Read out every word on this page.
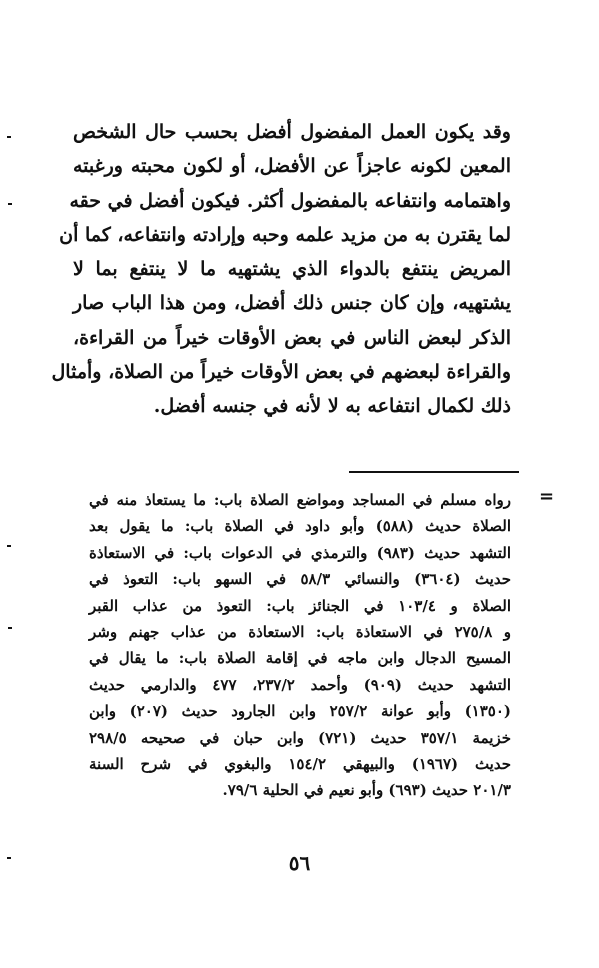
وقد يكون العمل المفضول أفضل بحسب حال الشخص
المعين لكونه عاجزاً عن الأفضل، أو لكون محبته ورغبته
واهتمامه وانتفاعه بالمفضول أكثر. فيكون أفضل في حقه
لما يقترن به من مزيد علمه وحبه وإرادته وانتفاعه، كما أن
المريض ينتفع بالدواء الذي يشتهيه ما لا ينتفع بما لا
يشتهيه، وإن كان جنس ذلك أفضل، ومن هذا الباب صار
الذكر لبعض الناس في بعض الأوقات خيراً من القراءة،
والقراءة لبعضهم في بعض الأوقات خيراً من الصلاة، وأمثال
ذلك لكمال انتفاعه به لا لأنه في جنسه أفضل.
=
رواه مسلم في المساجد ومواضع الصلاة باب: ما يستعاذ منه في
الصلاة حديث (٥٨٨) وأبو داود في الصلاة باب: ما يقول بعد
التشهد حديث (٩٨٣) والترمذي في الدعوات باب: في الاستعاذة
حديث (٣٦٠٤) والنسائي ٥٨/٣ في السهو باب: التعوذ في
الصلاة و ١٠٣/٤ في الجنائز باب: التعوذ من عذاب القبر
و ٢٧٥/٨ في الاستعاذة باب: الاستعاذة من عذاب جهنم وشر
المسيح الدجال وابن ماجه في إقامة الصلاة باب: ما يقال في
التشهد حديث (٩٠٩) وأحمد ٢٣٧/٢، ٤٧٧ والدارمي حديث
(١٣٥٠) وأبو عوانة ٢٥٧/٢ وابن الجارود حديث (٢٠٧) وابن
خزيمة ٣٥٧/١ حديث (٧٢١) وابن حبان في صحيحه ٢٩٨/٥
حديث (١٩٦٧) والبيهقي ١٥٤/٢ والبغوي في شرح السنة
٢٠١/٣ حديث (٦٩٣) وأبو نعيم في الحلية ٧٩/٦.
٥٦
